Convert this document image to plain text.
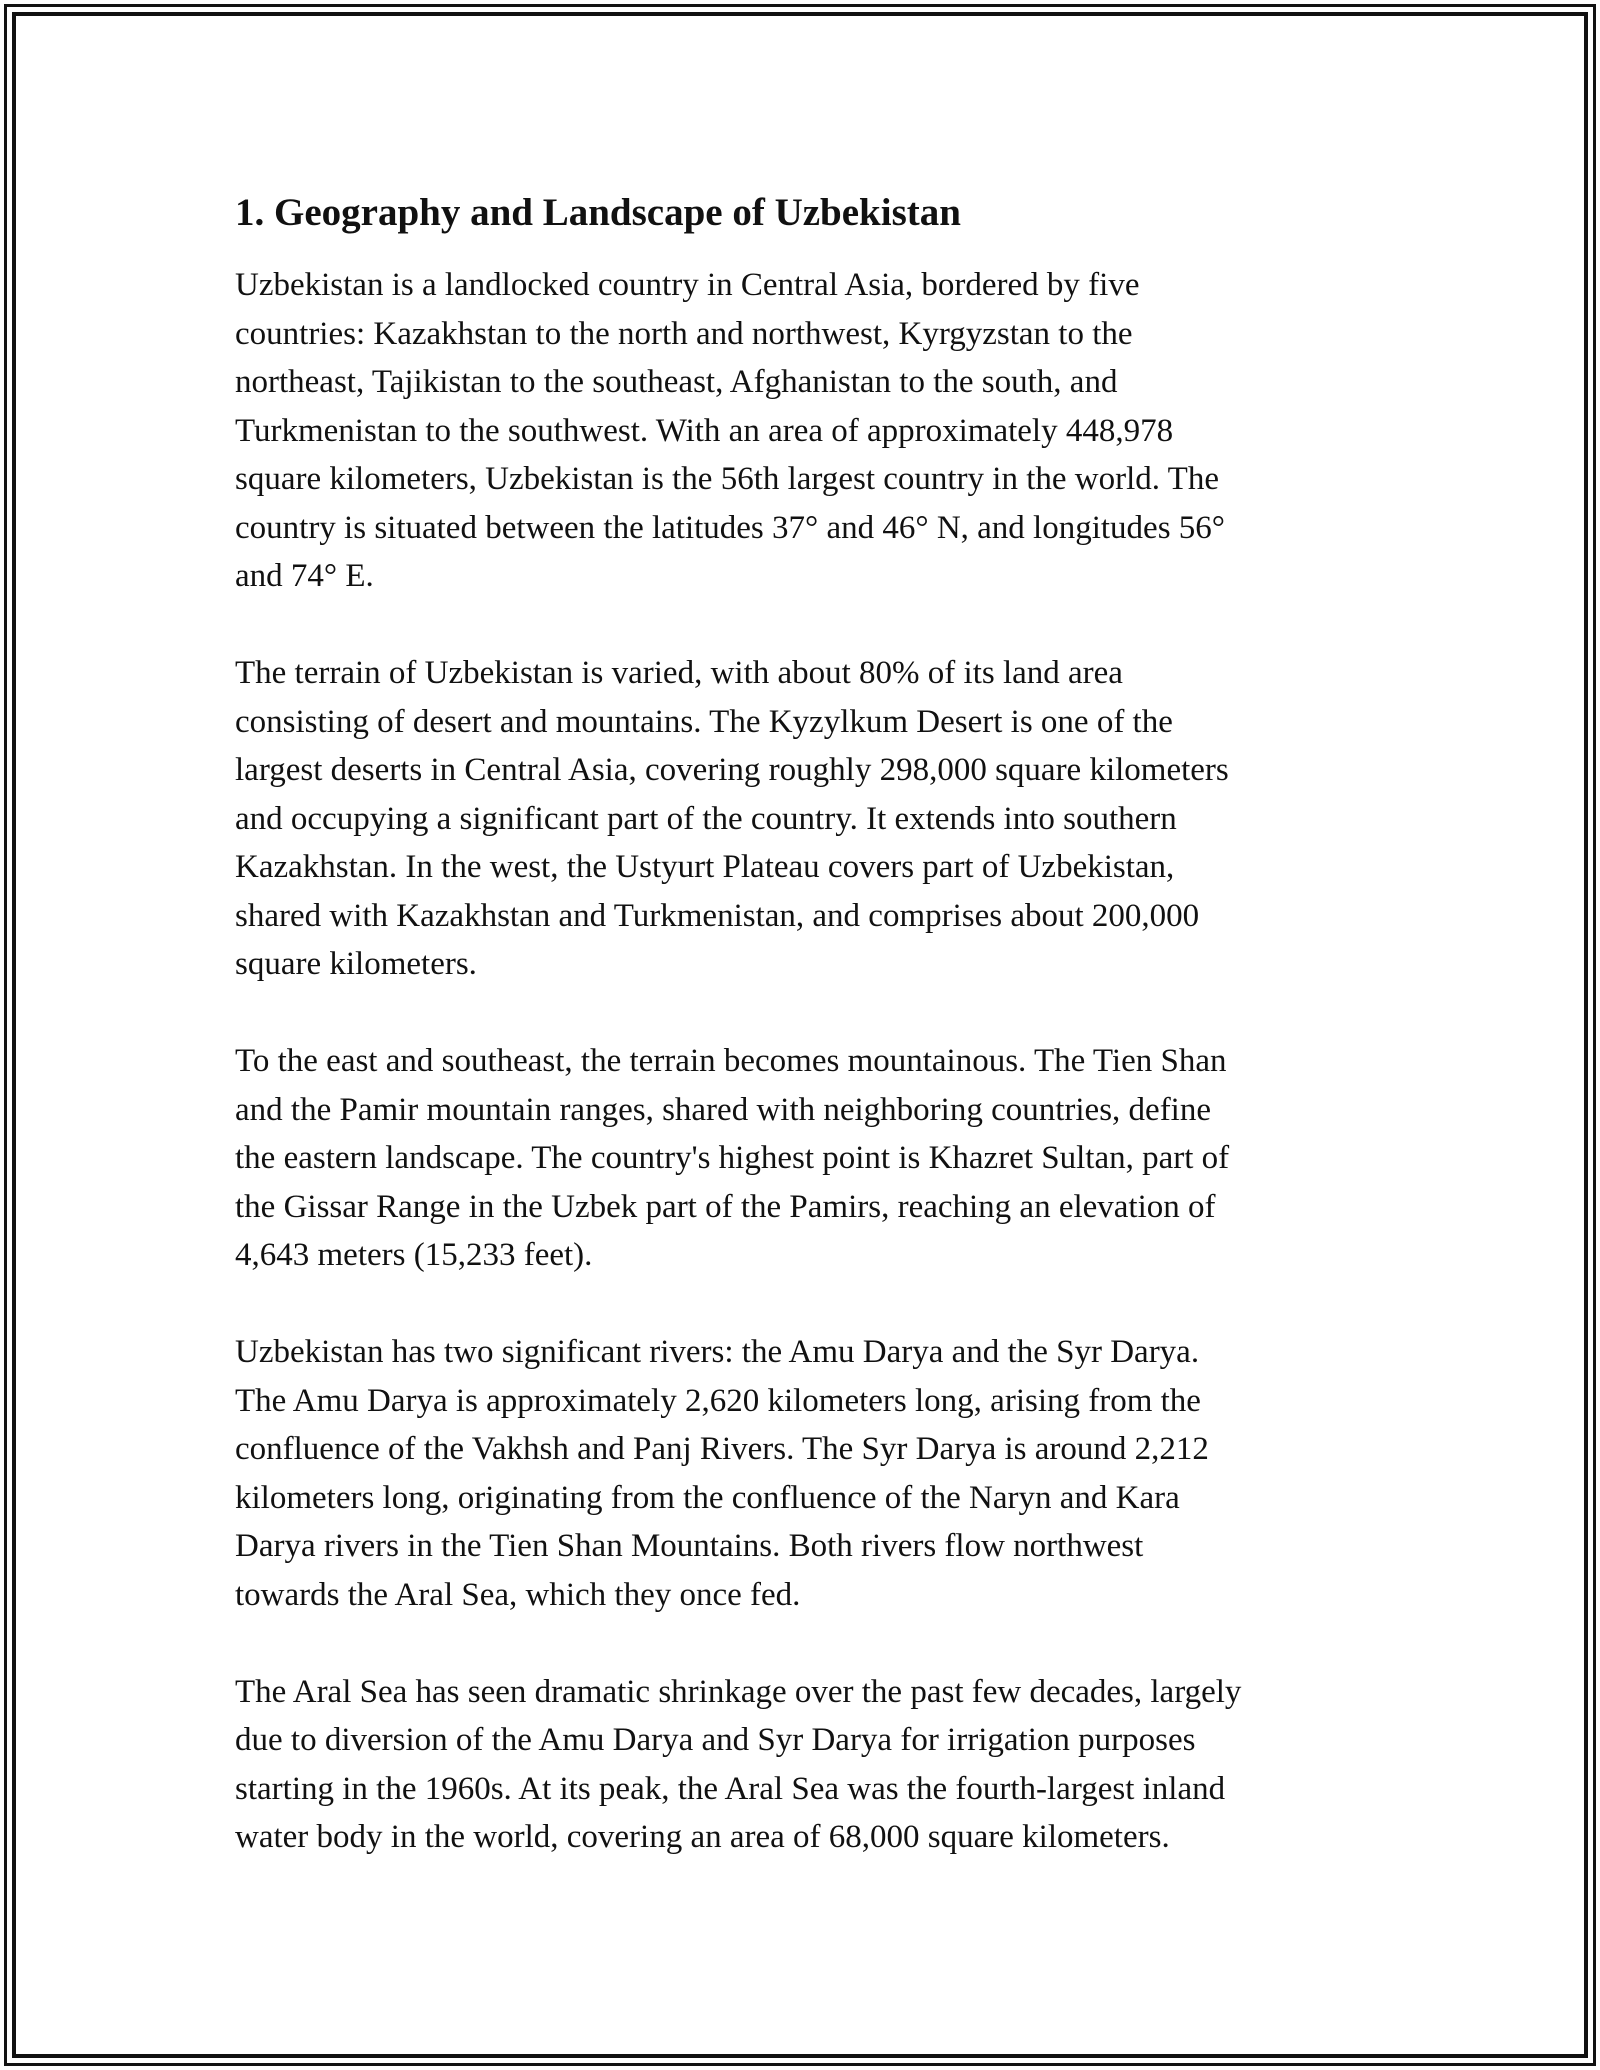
1. Geography and Landscape of Uzbekistan

Uzbekistan is a landlocked country in Central Asia, bordered by five
countries: Kazakhstan to the north and northwest, Kyrgyzstan to the
northeast, Tajikistan to the southeast, Afghanistan to the south, and
Turkmenistan to the southwest. With an area of approximately 448,978
square kilometers, Uzbekistan is the 56th largest country in the world. The
country is situated between the latitudes 37° and 46° N, and longitudes 56°
and 74° E.

The terrain of Uzbekistan is varied, with about 80% of its land area
consisting of desert and mountains. The Kyzylkum Desert is one of the
largest deserts in Central Asia, covering roughly 298,000 square kilometers
and occupying a significant part of the country. It extends into southern
Kazakhstan. In the west, the Ustyurt Plateau covers part of Uzbekistan,
shared with Kazakhstan and Turkmenistan, and comprises about 200,000
square kilometers.

To the east and southeast, the terrain becomes mountainous. The Tien Shan
and the Pamir mountain ranges, shared with neighboring countries, define
the eastern landscape. The country's highest point is Khazret Sultan, part of
the Gissar Range in the Uzbek part of the Pamirs, reaching an elevation of
4,643 meters (15,233 feet).

Uzbekistan has two significant rivers: the Amu Darya and the Syr Darya.
The Amu Darya is approximately 2,620 kilometers long, arising from the
confluence of the Vakhsh and Panj Rivers. The Syr Darya is around 2,212
kilometers long, originating from the confluence of the Naryn and Kara
Darya rivers in the Tien Shan Mountains. Both rivers flow northwest
towards the Aral Sea, which they once fed.

The Aral Sea has seen dramatic shrinkage over the past few decades, largely
due to diversion of the Amu Darya and Syr Darya for irrigation purposes
starting in the 1960s. At its peak, the Aral Sea was the fourth-largest inland
water body in the world, covering an area of 68,000 square kilometers.
